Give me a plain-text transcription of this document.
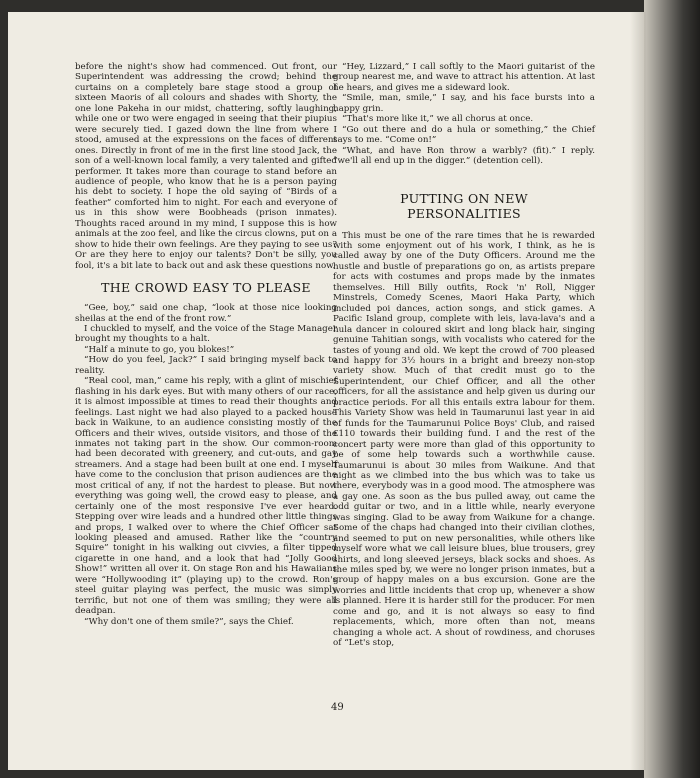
before the night's show had commenced. Out front, our Superintendent was addressing the crowd; behind the curtains on a completely bare stage stood a group of sixteen Maoris of all colours and shades with Shorty, the one lone Pakeha in our midst, chattering, softly laughing, while one or two were engaged in seeing that their piupius were securely tied. I gazed down the line from where I stood, amused at the expressions on the faces of different ones. Directly in front of me in the first line stood Jack, the son of a well-known local family, a very talented and gifted performer. It takes more than courage to stand before an audience of people, who know that he is a person paying his debt to society. I hope the old saying of “Birds of a feather” comforted him to night. For each and everyone of us in this show were Boobheads (prison inmates). Thoughts raced around in my mind, I suppose this is how animals at the zoo feel, and like the circus clowns, put on a show to hide their own feelings. Are they paying to see us? Or are they here to enjoy our talents? Don't be silly, you fool, it's a bit late to back out and ask these questions now.

THE CROWD EASY TO PLEASE

“Gee, boy,” said one chap, “look at those nice looking sheilas at the end of the front row.”

I chuckled to myself, and the voice of the Stage Manager brought my thoughts to a halt.

“Half a minute to go, you blokes!”

“How do you feel, Jack?” I said bringing myself back to reality.

“Real cool, man,” came his reply, with a glint of mischief flashing in his dark eyes. But with many others of our race, it is almost impossible at times to read their thoughts and feelings. Last night we had also played to a packed house back in Waikune, to an audience consisting mostly of the Officers and their wives, outside visitors, and those of the inmates not taking part in the show. Our common-room had been decorated with greenery, and cut-outs, and gay streamers. And a stage had been built at one end. I myself have come to the conclusion that prison audiences are the most critical of any, if not the hardest to please. But now everything was going well, the crowd easy to please, and certainly one of the most responsive I've ever heard. Stepping over wire leads and a hundred other little things and props, I walked over to where the Chief Officer sat looking pleased and amused. Rather like the “country Squire” tonight in his walking out civvies, a filter tipped cigarette in one hand, and a look that had “Jolly Good Show!” written all over it. On stage Ron and his Hawaiians were “Hollywooding it” (playing up) to the crowd. Ron's steel guitar playing was perfect, the music was simply terrific, but not one of them was smiling; they were all deadpan.

“Why don't one of them smile?”, says the Chief.

“Hey, Lizzard,” I call softly to the Maori guitarist of the group nearest me, and wave to attract his attention. At last he hears, and gives me a sideward look.

“Smile, man, smile,” I say, and his face bursts into a happy grin.

“That's more like it,” we all chorus at once.

“Go out there and do a hula or something,” the Chief says to me. “Come on!”

“What, and have Ron throw a warbly? (fit).” I reply. “we'll all end up in the digger.” (detention cell).

PUTTING ON NEW
PERSONALITIES

This must be one of the rare times that he is rewarded with some enjoyment out of his work, I think, as he is called away by one of the Duty Officers. Around me the hustle and bustle of preparations go on, as artists prepare for acts with costumes and props made by the inmates themselves. Hill Billy outfits, Rock 'n' Roll, Nigger Minstrels, Comedy Scenes, Maori Haka Party, which included poi dances, action songs, and stick games. A Pacific Island group, complete with leis, lava-lava's and a hula dancer in coloured skirt and long black hair, singing genuine Tahitian songs, with vocalists who catered for the tastes of young and old. We kept the crowd of 700 pleased and happy for 3½ hours in a bright and breezy non-stop variety show. Much of that credit must go to the Superintendent, our Chief Officer, and all the other officers, for all the assistance and help given us during our practice periods. For all this entails extra labour for them. This Variety Show was held in Taumarunui last year in aid of funds for the Taumarunui Police Boys' Club, and raised £110 towards their building fund. I and the rest of the concert party were more than glad of this opportunity to be of some help towards such a worthwhile cause. Taumarunui is about 30 miles from Waikune. And that night as we climbed into the bus which was to take us there, everybody was in a good mood. The atmosphere was a gay one. As soon as the bus pulled away, out came the odd guitar or two, and in a little while, nearly everyone was singing. Glad to be away from Waikune for a change. Some of the chaps had changed into their civilian clothes, and seemed to put on new personalities, while others like myself wore what we call leisure blues, blue trousers, grey shirts, and long sleeved jerseys, black socks and shoes. As the miles sped by, we were no longer prison inmates, but a group of happy males on a bus excursion. Gone are the worries and little incidents that crop up, whenever a show is planned. Here it is harder still for the producer. For men come and go, and it is not always so easy to find replacements, which, more often than not, means changing a whole act. A shout of rowdiness, and choruses of “Let's stop,

49
